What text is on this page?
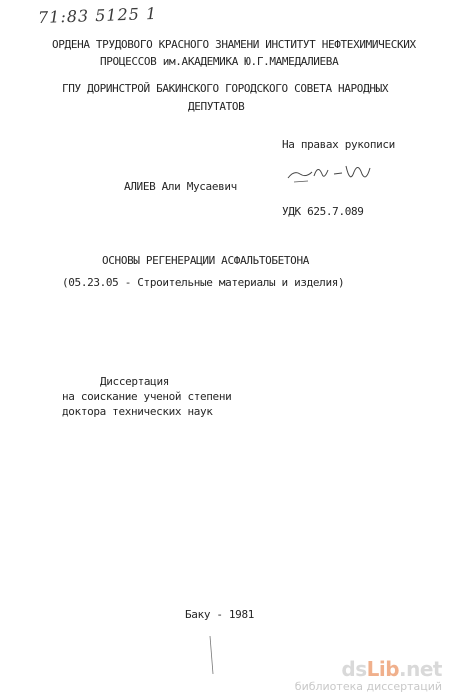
71:83 5125 1
ОРДЕНА ТРУДОВОГО КРАСНОГО ЗНАМЕНИ ИНСТИТУТ НЕФТЕХИМИЧЕСКИХ
ПРОЦЕССОВ им.АКАДЕМИКА Ю.Г.МАМЕДАЛИЕВА
ГПУ ДОРИНСТРОЙ БАКИНСКОГО ГОРОДСКОГО СОВЕТА НАРОДНЫХ
ДЕПУТАТОВ
На правах рукописи
АЛИЕВ Али Мусаевич
УДК 625.7.089
ОСНОВЫ РЕГЕНЕРАЦИИ АСФАЛЬТОБЕТОНА
(05.23.05 - Строительные материалы и изделия)
Диссертация
на соискание ученой степени
доктора технических наук
Баку - 1981
dsLib.net
библиотека диссертаций
